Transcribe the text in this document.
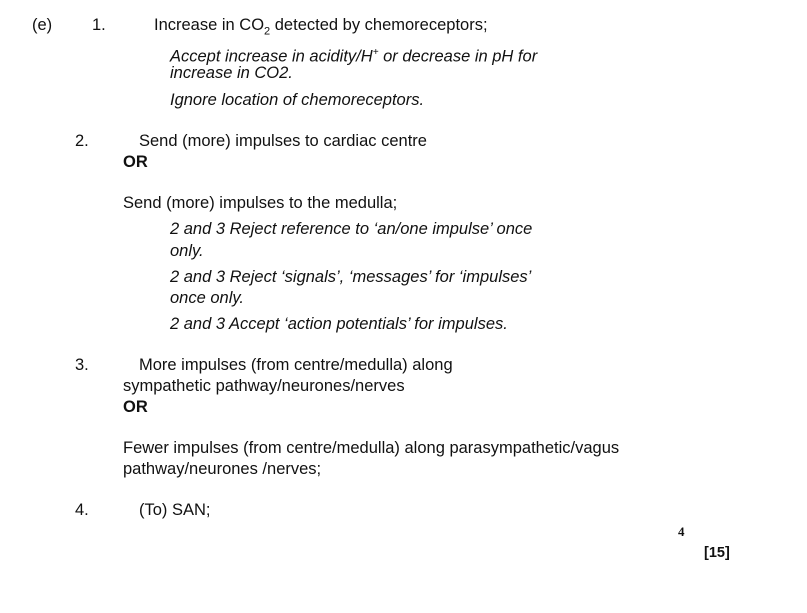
(e) 1.	Increase in $CO_2$ detected by chemoreceptors;
Accept increase in acidity/H+ or decrease in pH for
increase in CO2.
Ignore location of chemoreceptors.
2.	Send (more) impulses to cardiac centre
OR
Send (more) impulses to the medulla;
2 and 3 Reject reference to ‘an/one impulse’ once
only.
2 and 3 Reject ‘signals’, ‘messages’ for ‘impulses’
once only.
2 and 3 Accept ‘action potentials’ for impulses.
3.	More impulses (from centre/medulla) along
sympathetic pathway/neurones/nerves
OR
Fewer impulses (from centre/medulla) along parasympathetic/vagus
pathway/neurones /nerves;
4.	(To) SAN;
4
[15]
